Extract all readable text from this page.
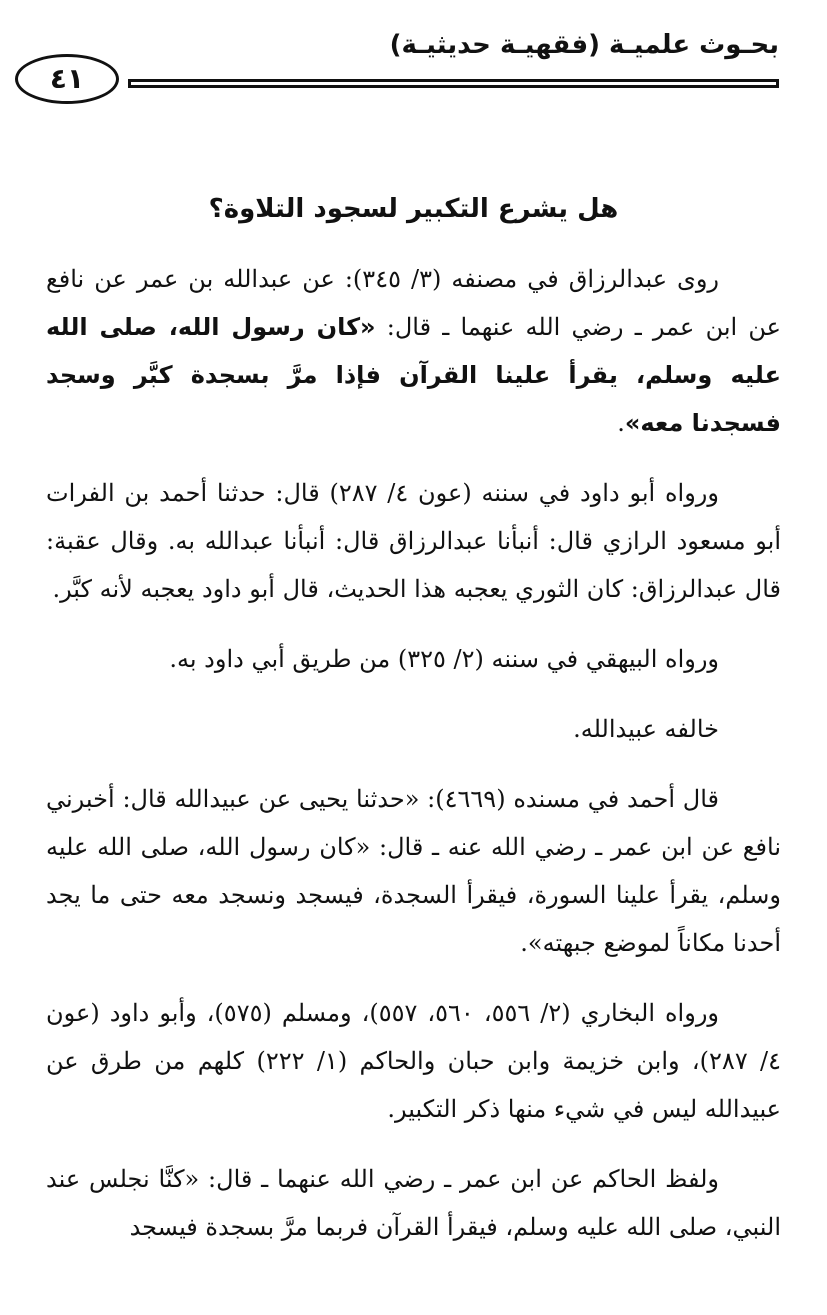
٤١
بحـوث علميـة (فقهيـة حديثيـة)
هل يشرع التكبير لسجود التلاوة؟

روى عبدالرزاق في مصنفه (٣/ ٣٤٥): عن عبدالله بن عمر عن نافع عن ابن عمر ـ رضي الله عنهما ـ قال: «كان رسول الله، صلى الله عليه وسلم، يقرأ علينا القرآن فإذا مرَّ بسجدة كبَّر وسجد فسجدنا معه».

ورواه أبو داود في سننه (عون ٤/ ٢٨٧) قال: حدثنا أحمد بن الفرات أبو مسعود الرازي قال: أنبأنا عبدالرزاق قال: أنبأنا عبدالله به. وقال عقبة: قال عبدالرزاق: كان الثوري يعجبه هذا الحديث، قال أبو داود يعجبه لأنه كبَّر.

ورواه البيهقي في سننه (٢/ ٣٢٥) من طريق أبي داود به.

خالفه عبيدالله.

قال أحمد في مسنده (٤٦٦٩): «حدثنا يحيى عن عبيدالله قال: أخبرني نافع عن ابن عمر ـ رضي الله عنه ـ قال: «كان رسول الله، صلى الله عليه وسلم، يقرأ علينا السورة، فيقرأ السجدة، فيسجد ونسجد معه حتى ما يجد أحدنا مكاناً لموضع جبهته».

ورواه البخاري (٢/ ٥٥٦، ٥٦٠، ٥٥٧)، ومسلم (٥٧٥)، وأبو داود (عون ٤/ ٢٨٧)، وابن خزيمة وابن حبان والحاكم (١/ ٢٢٢) كلهم من طرق عن عبيدالله ليس في شيء منها ذكر التكبير.

ولفظ الحاكم عن ابن عمر ـ رضي الله عنهما ـ قال: «كنَّا نجلس عند النبي، صلى الله عليه وسلم، فيقرأ القرآن فربما مرَّ بسجدة فيسجد
